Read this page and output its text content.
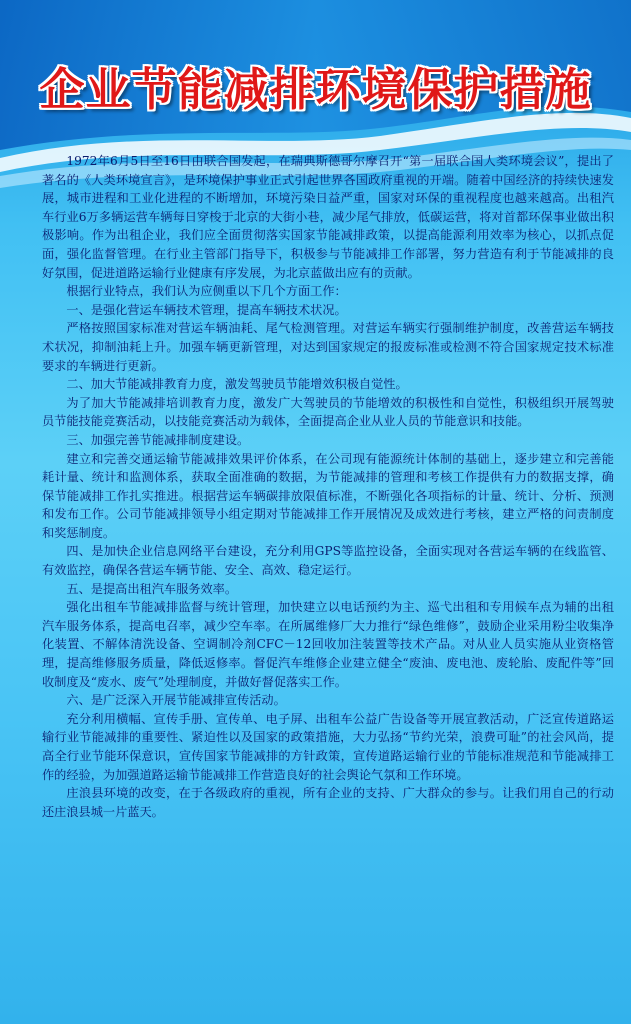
企业节能减排环境保护措施

1972年6月5日至16日由联合国发起，在瑞典斯德哥尔摩召开“第一届联合国人类环境会议”，提出了著名的《人类环境宣言》，是环境保护事业正式引起世界各国政府重视的开端。随着中国经济的持续快速发展，城市进程和工业化进程的不断增加，环境污染日益严重，国家对环保的重视程度也越来越高。出租汽车行业6万多辆运营车辆每日穿梭于北京的大街小巷，减少尾气排放，低碳运营，将对首都环保事业做出积极影响。作为出租企业，我们应全面贯彻落实国家节能减排政策，以提高能源利用效率为核心，以抓点促面，强化监督管理。在行业主管部门指导下，积极参与节能减排工作部署，努力营造有利于节能减排的良好氛围，促进道路运输行业健康有序发展，为北京蓝做出应有的贡献。

根据行业特点，我们认为应侧重以下几个方面工作：

一、是强化营运车辆技术管理，提高车辆技术状况。

严格按照国家标准对营运车辆油耗、尾气检测管理。对营运车辆实行强制维护制度，改善营运车辆技术状况，抑制油耗上升。加强车辆更新管理，对达到国家规定的报废标准或检测不符合国家规定技术标准要求的车辆进行更新。

二、加大节能减排教育力度，激发驾驶员节能增效积极自觉性。

为了加大节能减排培训教育力度，激发广大驾驶员的节能增效的积极性和自觉性，积极组织开展驾驶员节能技能竞赛活动，以技能竞赛活动为载体，全面提高企业从业人员的节能意识和技能。

三、加强完善节能减排制度建设。

建立和完善交通运输节能减排效果评价体系，在公司现有能源统计体制的基础上，逐步建立和完善能耗计量、统计和监测体系，获取全面准确的数据，为节能减排的管理和考核工作提供有力的数据支撑，确保节能减排工作扎实推进。根据营运车辆碳排放限值标准，不断强化各项指标的计量、统计、分析、预测和发布工作。公司节能减排领导小组定期对节能减排工作开展情况及成效进行考核，建立严格的问责制度和奖惩制度。

四、是加快企业信息网络平台建设，充分利用GPS等监控设备，全面实现对各营运车辆的在线监管、有效监控，确保各营运车辆节能、安全、高效、稳定运行。

五、是提高出租汽车服务效率。

强化出租车节能减排监督与统计管理，加快建立以电话预约为主、巡弋出租和专用候车点为辅的出租汽车服务体系，提高电召率，减少空车率。在所属维修厂大力推行“绿色维修”，鼓励企业采用粉尘收集净化装置、不解体清洗设备、空调制冷剂CFC－12回收加注装置等技术产品。对从业人员实施从业资格管理，提高维修服务质量，降低返修率。督促汽车维修企业建立健全“废油、废电池、废轮胎、废配件等”回收制度及“废水、废气”处理制度，并做好督促落实工作。

六、是广泛深入开展节能减排宣传活动。

充分利用横幅、宣传手册、宣传单、电子屏、出租车公益广告设备等开展宣教活动，广泛宣传道路运输行业节能减排的重要性、紧迫性以及国家的政策措施，大力弘扬“节约光荣，浪费可耻”的社会风尚，提高全行业节能环保意识，宣传国家节能减排的方针政策，宣传道路运输行业的节能标准规范和节能减排工作的经验，为加强道路运输节能减排工作营造良好的社会舆论气氛和工作环境。

庄浪县环境的改变，在于各级政府的重视，所有企业的支持、广大群众的参与。让我们用自己的行动还庄浪县城一片蓝天。
